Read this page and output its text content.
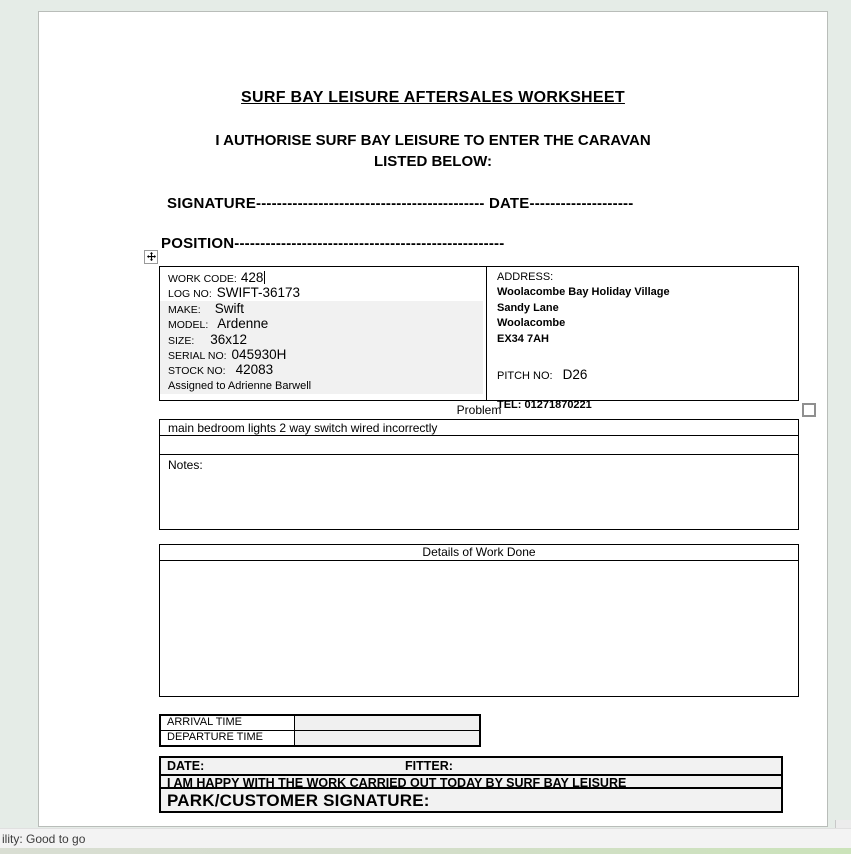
SURF BAY LEISURE AFTERSALES WORKSHEET
I AUTHORISE SURF BAY LEISURE TO ENTER THE CARAVAN
LISTED BELOW:
SIGNATURE-------------------------------------------- DATE--------------------
POSITION----------------------------------------------------
WORK CODE: 428
LOG NO: SWIFT-36173
MAKE: Swift
MODEL: Ardenne
SIZE: 36x12
SERIAL NO: 045930H
STOCK NO: 42083
Assigned to Adrienne Barwell
ADDRESS:
Woolacombe Bay Holiday Village
Sandy Lane
Woolacombe
EX34 7AH
PITCH NO: D26
TEL: 01271870221
Problem
main bedroom lights 2 way switch wired incorrectly
Notes:
Details of Work Done
ARRIVAL TIME
DEPARTURE TIME
DATE:	FITTER:
I AM HAPPY WITH THE WORK CARRIED OUT TODAY BY SURF BAY LEISURE
PARK/CUSTOMER SIGNATURE:
ility: Good to go
